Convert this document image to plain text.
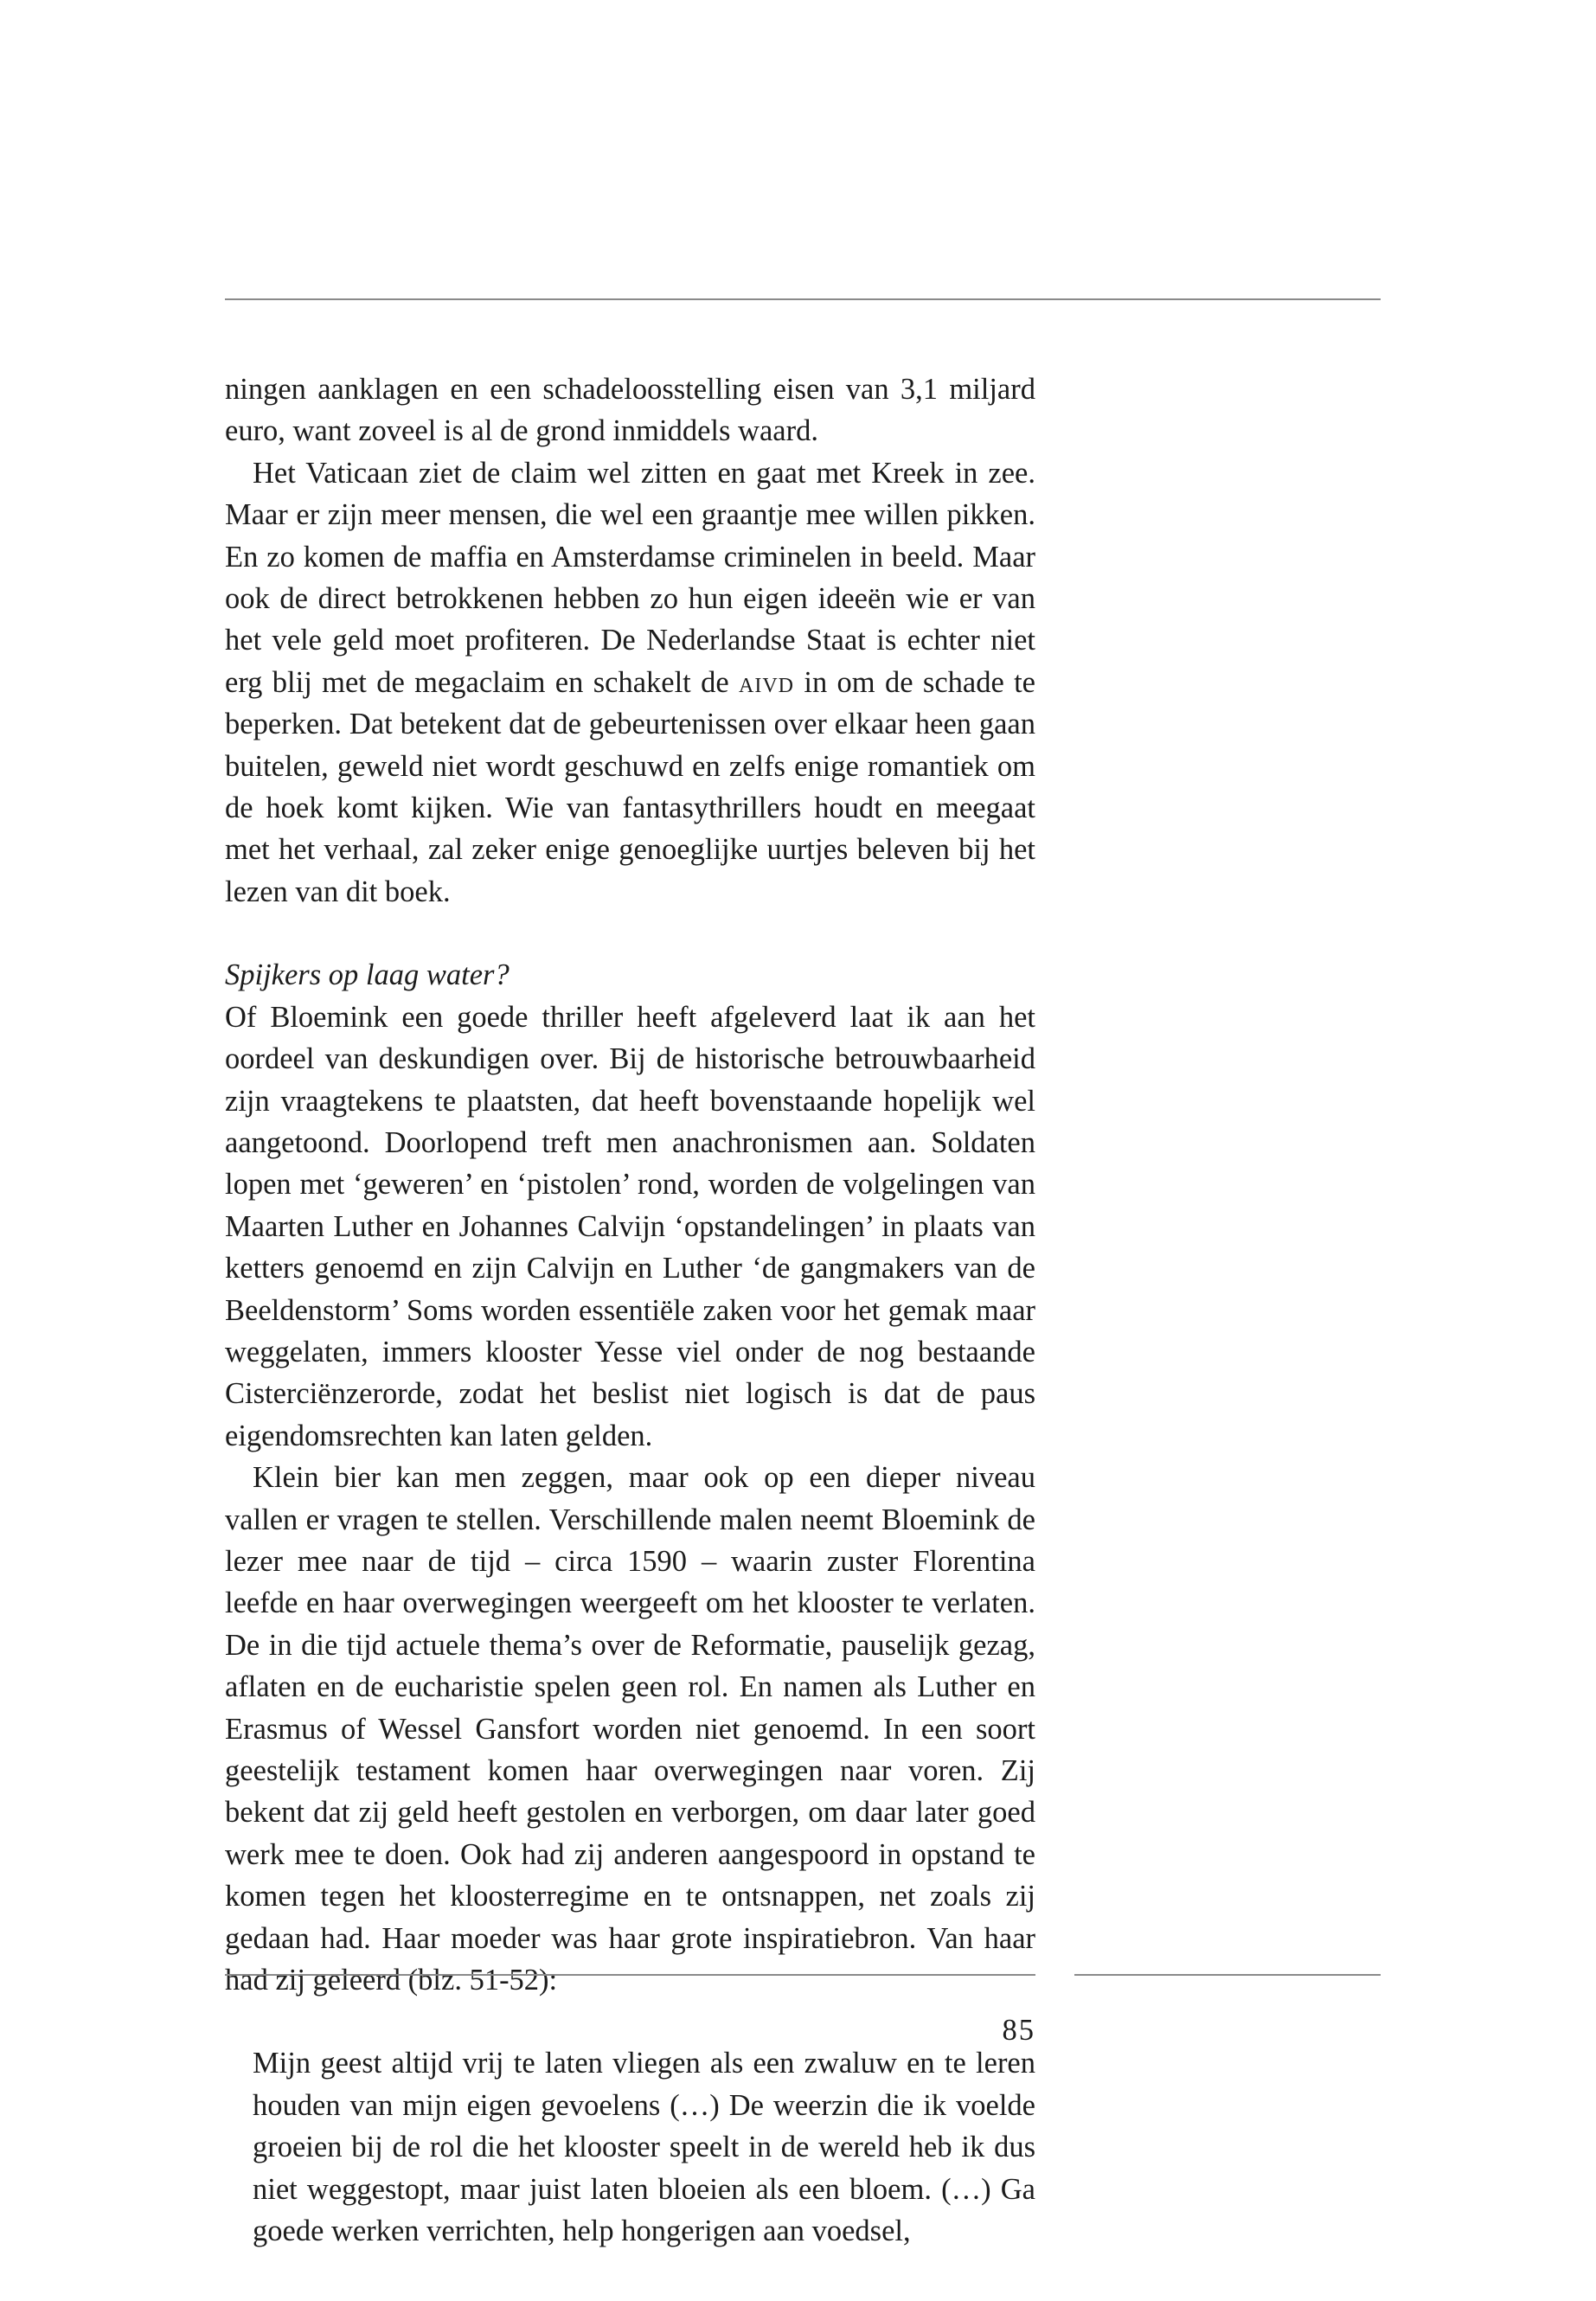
ningen aanklagen en een schadeloosstelling eisen van 3,1 miljard euro, want zoveel is al de grond inmiddels waard.

Het Vaticaan ziet de claim wel zitten en gaat met Kreek in zee. Maar er zijn meer mensen, die wel een graantje mee willen pikken. En zo komen de maffia en Amsterdamse criminelen in beeld. Maar ook de direct betrokkenen hebben zo hun eigen ideeën wie er van het vele geld moet profiteren. De Nederlandse Staat is echter niet erg blij met de megaclaim en schakelt de aivd in om de schade te beperken. Dat betekent dat de gebeurtenissen over elkaar heen gaan buitelen, geweld niet wordt geschuwd en zelfs enige romantiek om de hoek komt kijken. Wie van fantasythrillers houdt en meegaat met het verhaal, zal zeker enige genoeglijke uurtjes beleven bij het lezen van dit boek.

Spijkers op laag water?

Of Bloemink een goede thriller heeft afgeleverd laat ik aan het oordeel van deskundigen over. Bij de historische betrouwbaarheid zijn vraagtekens te plaatsten, dat heeft bovenstaande hopelijk wel aangetoond. Doorlopend treft men anachronismen aan. Soldaten lopen met ‘geweren’ en ‘pistolen’ rond, worden de volgelingen van Maarten Luther en Johannes Calvijn ‘opstandelingen’ in plaats van ketters genoemd en zijn Calvijn en Luther ‘de gangmakers van de Beeldenstorm’ Soms worden essentiële zaken voor het gemak maar weggelaten, immers klooster Yesse viel onder de nog bestaande Cisterciënzerorde, zodat het beslist niet logisch is dat de paus eigendomsrechten kan laten gelden.

Klein bier kan men zeggen, maar ook op een dieper niveau vallen er vragen te stellen. Verschillende malen neemt Bloemink de lezer mee naar de tijd – circa 1590 – waarin zuster Florentina leefde en haar overwegingen weergeeft om het klooster te verlaten. De in die tijd actuele thema’s over de Reformatie, pauselijk gezag, aflaten en de eucharistie spelen geen rol. En namen als Luther en Erasmus of Wessel Gansfort worden niet genoemd. In een soort geestelijk testament komen haar overwegingen naar voren. Zij bekent dat zij geld heeft gestolen en verborgen, om daar later goed werk mee te doen. Ook had zij anderen aangespoord in opstand te komen tegen het kloosterregime en te ontsnappen, net zoals zij gedaan had. Haar moeder was haar grote inspiratiebron. Van haar had zij geleerd (blz. 51-52):

Mijn geest altijd vrij te laten vliegen als een zwaluw en te leren houden van mijn eigen gevoelens (…) De weerzin die ik voelde groeien bij de rol die het klooster speelt in de wereld heb ik dus niet weggestopt, maar juist laten bloeien als een bloem. (…) Ga goede werken verrichten, help hongerigen aan voedsel,

85
